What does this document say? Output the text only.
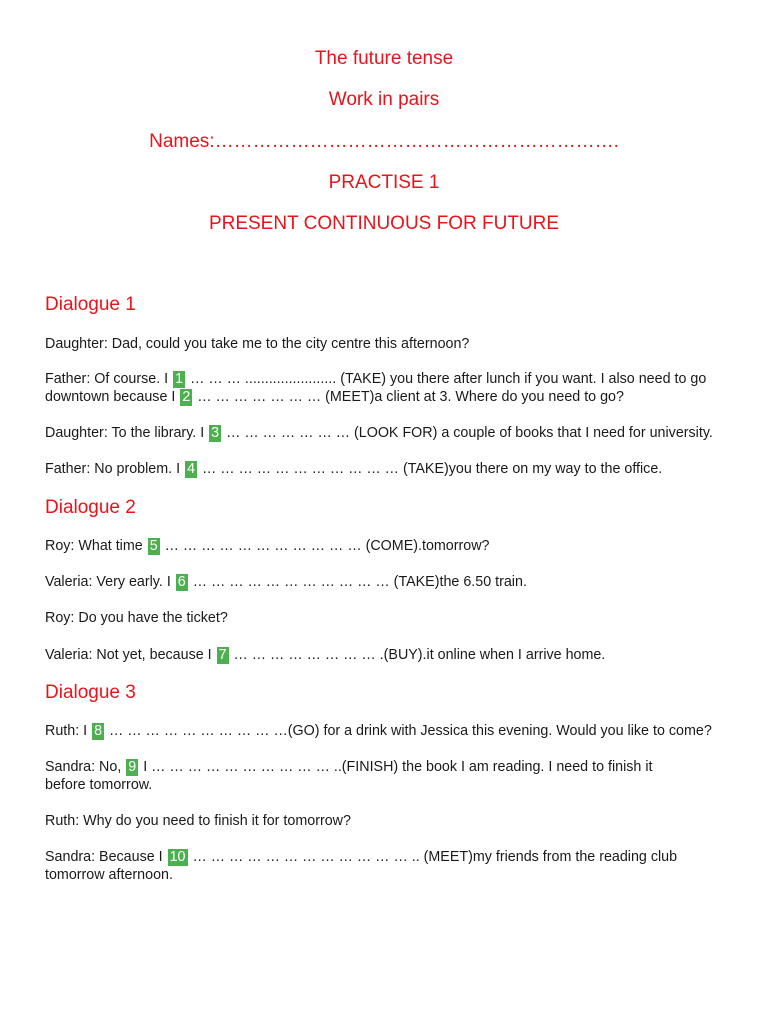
The future tense
Work in pairs
Names:……………………………………………………….
PRACTISE 1
PRESENT CONTINUOUS FOR FUTURE
Dialogue 1

Daughter: Dad, could you take me to the city centre this afternoon?

Father: Of course. I 1 … … … ....................... (TAKE) you there after lunch if you want. I also need to go
downtown because I 2 … … … … … … … (MEET)a client at 3. Where do you need to go?
Daughter: To the library. I 3 … … … … … … … (LOOK FOR) a couple of books that I need for university.
Father: No problem. I 4 … … … … … … … … … … … (TAKE)you there on my way to the office.
Dialogue 2
Roy: What time 5 … … … … … … … … … … … (COME).tomorrow?
Valeria: Very early. I 6 … … … … … … … … … … … (TAKE)the 6.50 train.

Roy: Do you have the ticket?

Valeria: Not yet, because I 7 … … … … … … … … .(BUY).it online when I arrive home.
Dialogue 3
Ruth: I 8 … … … … … … … … … …(GO) for a drink with Jessica this evening. Would you like to come?
Sandra: No, 9 I … … … … … … … … … … ..(FINISH) the book I am reading. I need to finish it
before tomorrow.

Ruth: Why do you need to finish it for tomorrow?

Sandra: Because I 10 … … … … … … … … … … … … .. (MEET)my friends from the reading club
tomorrow afternoon.
